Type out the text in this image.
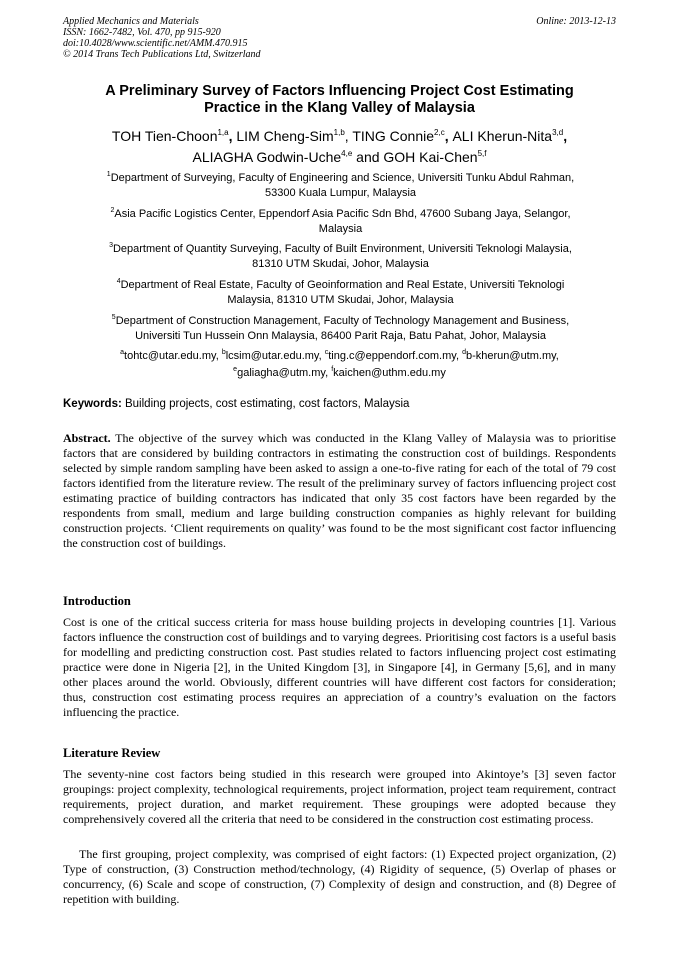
Applied Mechanics and Materials
ISSN: 1662-7482, Vol. 470, pp 915-920
doi:10.4028/www.scientific.net/AMM.470.915
© 2014 Trans Tech Publications Ltd, Switzerland
Online: 2013-12-13
A Preliminary Survey of Factors Influencing Project Cost Estimating
Practice in the Klang Valley of Malaysia
TOH Tien-Choon$^{1,a}$, LIM Cheng-Sim$^{1,b}$, TING Connie$^{2,c}$, ALI Kherun-Nita$^{3,d}$,
ALIAGHA Godwin-Uche$^{4,e}$ and GOH Kai-Chen$^{5,f}$
$^1$Department of Surveying, Faculty of Engineering and Science, Universiti Tunku Abdul Rahman,
53300 Kuala Lumpur, Malaysia
$^2$Asia Pacific Logistics Center, Eppendorf Asia Pacific Sdn Bhd, 47600 Subang Jaya, Selangor,
Malaysia
$^3$Department of Quantity Surveying, Faculty of Built Environment, Universiti Teknologi Malaysia,
81310 UTM Skudai, Johor, Malaysia
$^4$Department of Real Estate, Faculty of Geoinformation and Real Estate, Universiti Teknologi
Malaysia, 81310 UTM Skudai, Johor, Malaysia
$^5$Department of Construction Management, Faculty of Technology Management and Business,
Universiti Tun Hussein Onn Malaysia, 86400 Parit Raja, Batu Pahat, Johor, Malaysia
$^a$tohtc@utar.edu.my, $^b$lcsim@utar.edu.my, $^c$ting.c@eppendorf.com.my, $^d$b-kherun@utm.my,
$^e$galiagha@utm.my, $^f$kaichen@uthm.edu.my
Keywords: Building projects, cost estimating, cost factors, Malaysia
Abstract. The objective of the survey which was conducted in the Klang Valley of Malaysia was to prioritise factors that are considered by building contractors in estimating the construction cost of buildings. Respondents selected by simple random sampling have been asked to assign a one-to-five rating for each of the total of 79 cost factors identified from the literature review. The result of the preliminary survey of factors influencing project cost estimating practice of building contractors has indicated that only 35 cost factors have been regarded by the respondents from small, medium and large building construction companies as highly relevant for building construction projects. ‘Client requirements on quality’ was found to be the most significant cost factor influencing the construction cost of buildings.
Introduction
Cost is one of the critical success criteria for mass house building projects in developing countries [1]. Various factors influence the construction cost of buildings and to varying degrees. Prioritising cost factors is a useful basis for modelling and predicting construction cost. Past studies related to factors influencing project cost estimating practice were done in Nigeria [2], in the United Kingdom [3], in Singapore [4], in Germany [5,6], and in many other places around the world. Obviously, different countries will have different cost factors for consideration; thus, construction cost estimating process requires an appreciation of a country’s evaluation on the factors influencing the practice.
Literature Review
The seventy-nine cost factors being studied in this research were grouped into Akintoye’s [3] seven factor groupings: project complexity, technological requirements, project information, project team requirement, contract requirements, project duration, and market requirement. These groupings were adopted because they comprehensively covered all the criteria that need to be considered in the construction cost estimating process.
The first grouping, project complexity, was comprised of eight factors: (1) Expected project organization, (2) Type of construction, (3) Construction method/technology, (4) Rigidity of sequence, (5) Overlap of phases or concurrency, (6) Scale and scope of construction, (7) Complexity of design and construction, and (8) Degree of repetition with building.
